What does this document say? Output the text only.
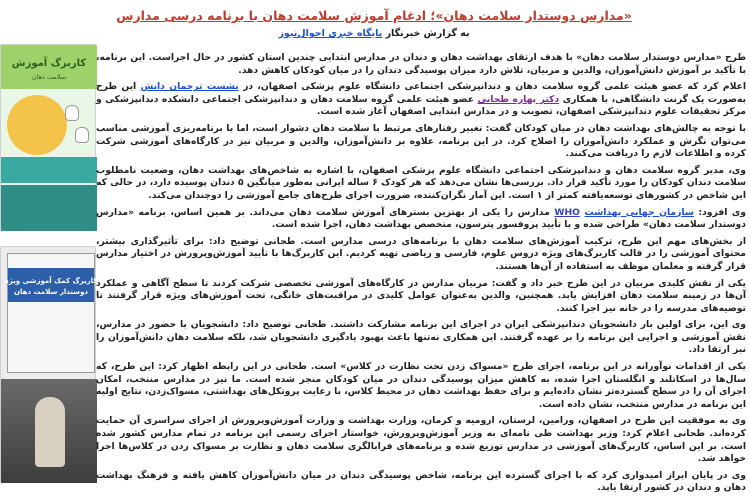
کاربرگ آموزش
سلامت دهان
کاربرگ کمک آموزشی ویژه
دوستدار سلامت دهان
«مدارس دوستدار سلامت دهان»؛ ادغام آموزش سلامت دهان با برنامه درسی مدارس
به گزارش خبرنگار پایگاه خبری احوال‌نیوز

طرح «مدارس دوستدار سلامت دهان» با هدف ارتقای بهداشت دهان و دندان در مدارس ابتدایی چندین استان کشور در حال اجراست. این برنامه، با تأکید بر آموزش دانش‌آموزان، والدین و مربیان، تلاش دارد میزان پوسیدگی دندان را در میان کودکان کاهش دهد.

اعلام کرد که عضو هیئت علمی گروه سلامت دهان و دندانپزشکی اجتماعی دانشگاه علوم پزشکی اصفهان، در نشست ترجمان دانش این طرح به‌صورت یک گرنت دانشگاهی، با همکاری دکتر بهاره طحانی عضو هیئت علمی گروه سلامت دهان و دندانپزشکی اجتماعی دانشکده دندانپزشکی و مرکز تحقیقات علوم دندانپزشکی اصفهان، تصویب و در مدارس ابتدایی اصفهان آغاز شده است.

با توجه به چالش‌های بهداشت دهان در میان کودکان گفت: تغییر رفتارهای مرتبط با سلامت دهان دشوار است، اما با برنامه‌ریزی آموزشی مناسب می‌توان نگرش و عملکرد دانش‌آموزان را اصلاح کرد. در این برنامه، علاوه بر دانش‌آموزان، والدین و مربیان نیز در کارگاه‌های آموزشی شرکت کرده و اطلاعات لازم را دریافت می‌کنند.

وی، مدیر گروه سلامت دهان و دندانپزشکی اجتماعی دانشگاه علوم پزشکی اصفهان، با اشاره به شاخص‌های بهداشت دهان، وضعیت نامطلوب سلامت دندان کودکان را مورد تأکید قرار داد. بررسی‌ها نشان می‌دهد که هر کودک ۶ ساله ایرانی به‌طور میانگین ۵ دندان پوسیده دارد، در حالی که این شاخص در کشورهای توسعه‌یافته کمتر از ۱ است. این آمار نگران‌کننده، ضرورت اجرای طرح‌های جامع آموزشی را دوچندان می‌کند.

وی افزود: سازمان جهانی بهداشت WHO مدارس را یکی از بهترین بسترهای آموزش سلامت دهان می‌داند. بر همین اساس، برنامه «مدارس دوستدار سلامت دهان» طراحی شده و با تأیید پروفسور پترسون، متخصص بهداشت دهان، اجرا شده است.

از بخش‌های مهم این طرح، ترکیب آموزش‌های سلامت دهان با برنامه‌های درسی مدارس است. طحانی توضیح داد: برای تأثیرگذاری بیشتر، محتوای آموزشی را در قالب کاربرگ‌های ویژه دروس علوم، فارسی و ریاضی تهیه کردیم. این کاربرگ‌ها با تأیید آموزش‌وپرورش در اختیار مدارس قرار گرفته و معلمان موظف به استفاده از آن‌ها هستند.

یکی از نقش کلیدی مربیان در این طرح خبر داد و گفت: مربیان مدارس در کارگاه‌های آموزشی تخصصی شرکت کردند تا سطح آگاهی و عملکرد آن‌ها در زمینه سلامت دهان افزایش یابد. همچنین، والدین به‌عنوان عوامل کلیدی در مراقبت‌های خانگی، تحت آموزش‌های ویژه قرار گرفتند تا توصیه‌های مدرسه را در خانه نیز اجرا کنند.

وی این، برای اولین بار دانشجویان دندانپزشکی ایران در اجرای این برنامه مشارکت داشتند. طحانی توضیح داد: دانشجویان با حضور در مدارس، نقش آموزشی و اجرایی این برنامه را بر عهده گرفتند. این همکاری نه‌تنها باعث بهبود یادگیری دانشجویان شد، بلکه سلامت دهان دانش‌آموزان را نیز ارتقا داد.

یکی از اقدامات نوآورانه در این برنامه، اجرای طرح «مسواک زدن تحت نظارت در کلاس» است. طحانی در این رابطه اظهار کرد: این طرح، که سال‌ها در اسکاتلند و انگلستان اجرا شده، به کاهش میزان پوسیدگی دندان در میان کودکان منجر شده است. ما نیز در مدارس منتخب، امکان اجرای آن را در سطح گسترده‌تر نشان داده‌ایم و برای حفظ بهداشت دهان در محیط کلاس، با رعایت پروتکل‌های بهداشتی، مسواک‌زدن، نتایج اولیه این برنامه در مدارس منتخب، نشان داده است.

وی به موفقیت این طرح در اصفهان، ورامین، لرستان، ارومیه و کرمان، وزارت بهداشت و وزارت آموزش‌وپرورش از اجرای سراسری آن حمایت کرده‌اند. طحانی اعلام کرد: وزیر بهداشت طی نامه‌ای به وزیر آموزش‌وپرورش، خواستار اجرای رسمی این برنامه در تمام مدارس کشور شده است. بر این اساس، کاربرگ‌های آموزشی در مدارس توزیع شده و برنامه‌های فرابالگری سلامت دهان و نظارت بر مسواک زدن در کلاس‌ها اجرا خواهد شد.

وی در پایان ابراز امیدواری کرد که با اجرای گسترده این برنامه، شاخص پوسیدگی دندان در میان دانش‌آموزان کاهش یافته و فرهنگ بهداشت دهان و دندان در کشور ارتقا یابد.
